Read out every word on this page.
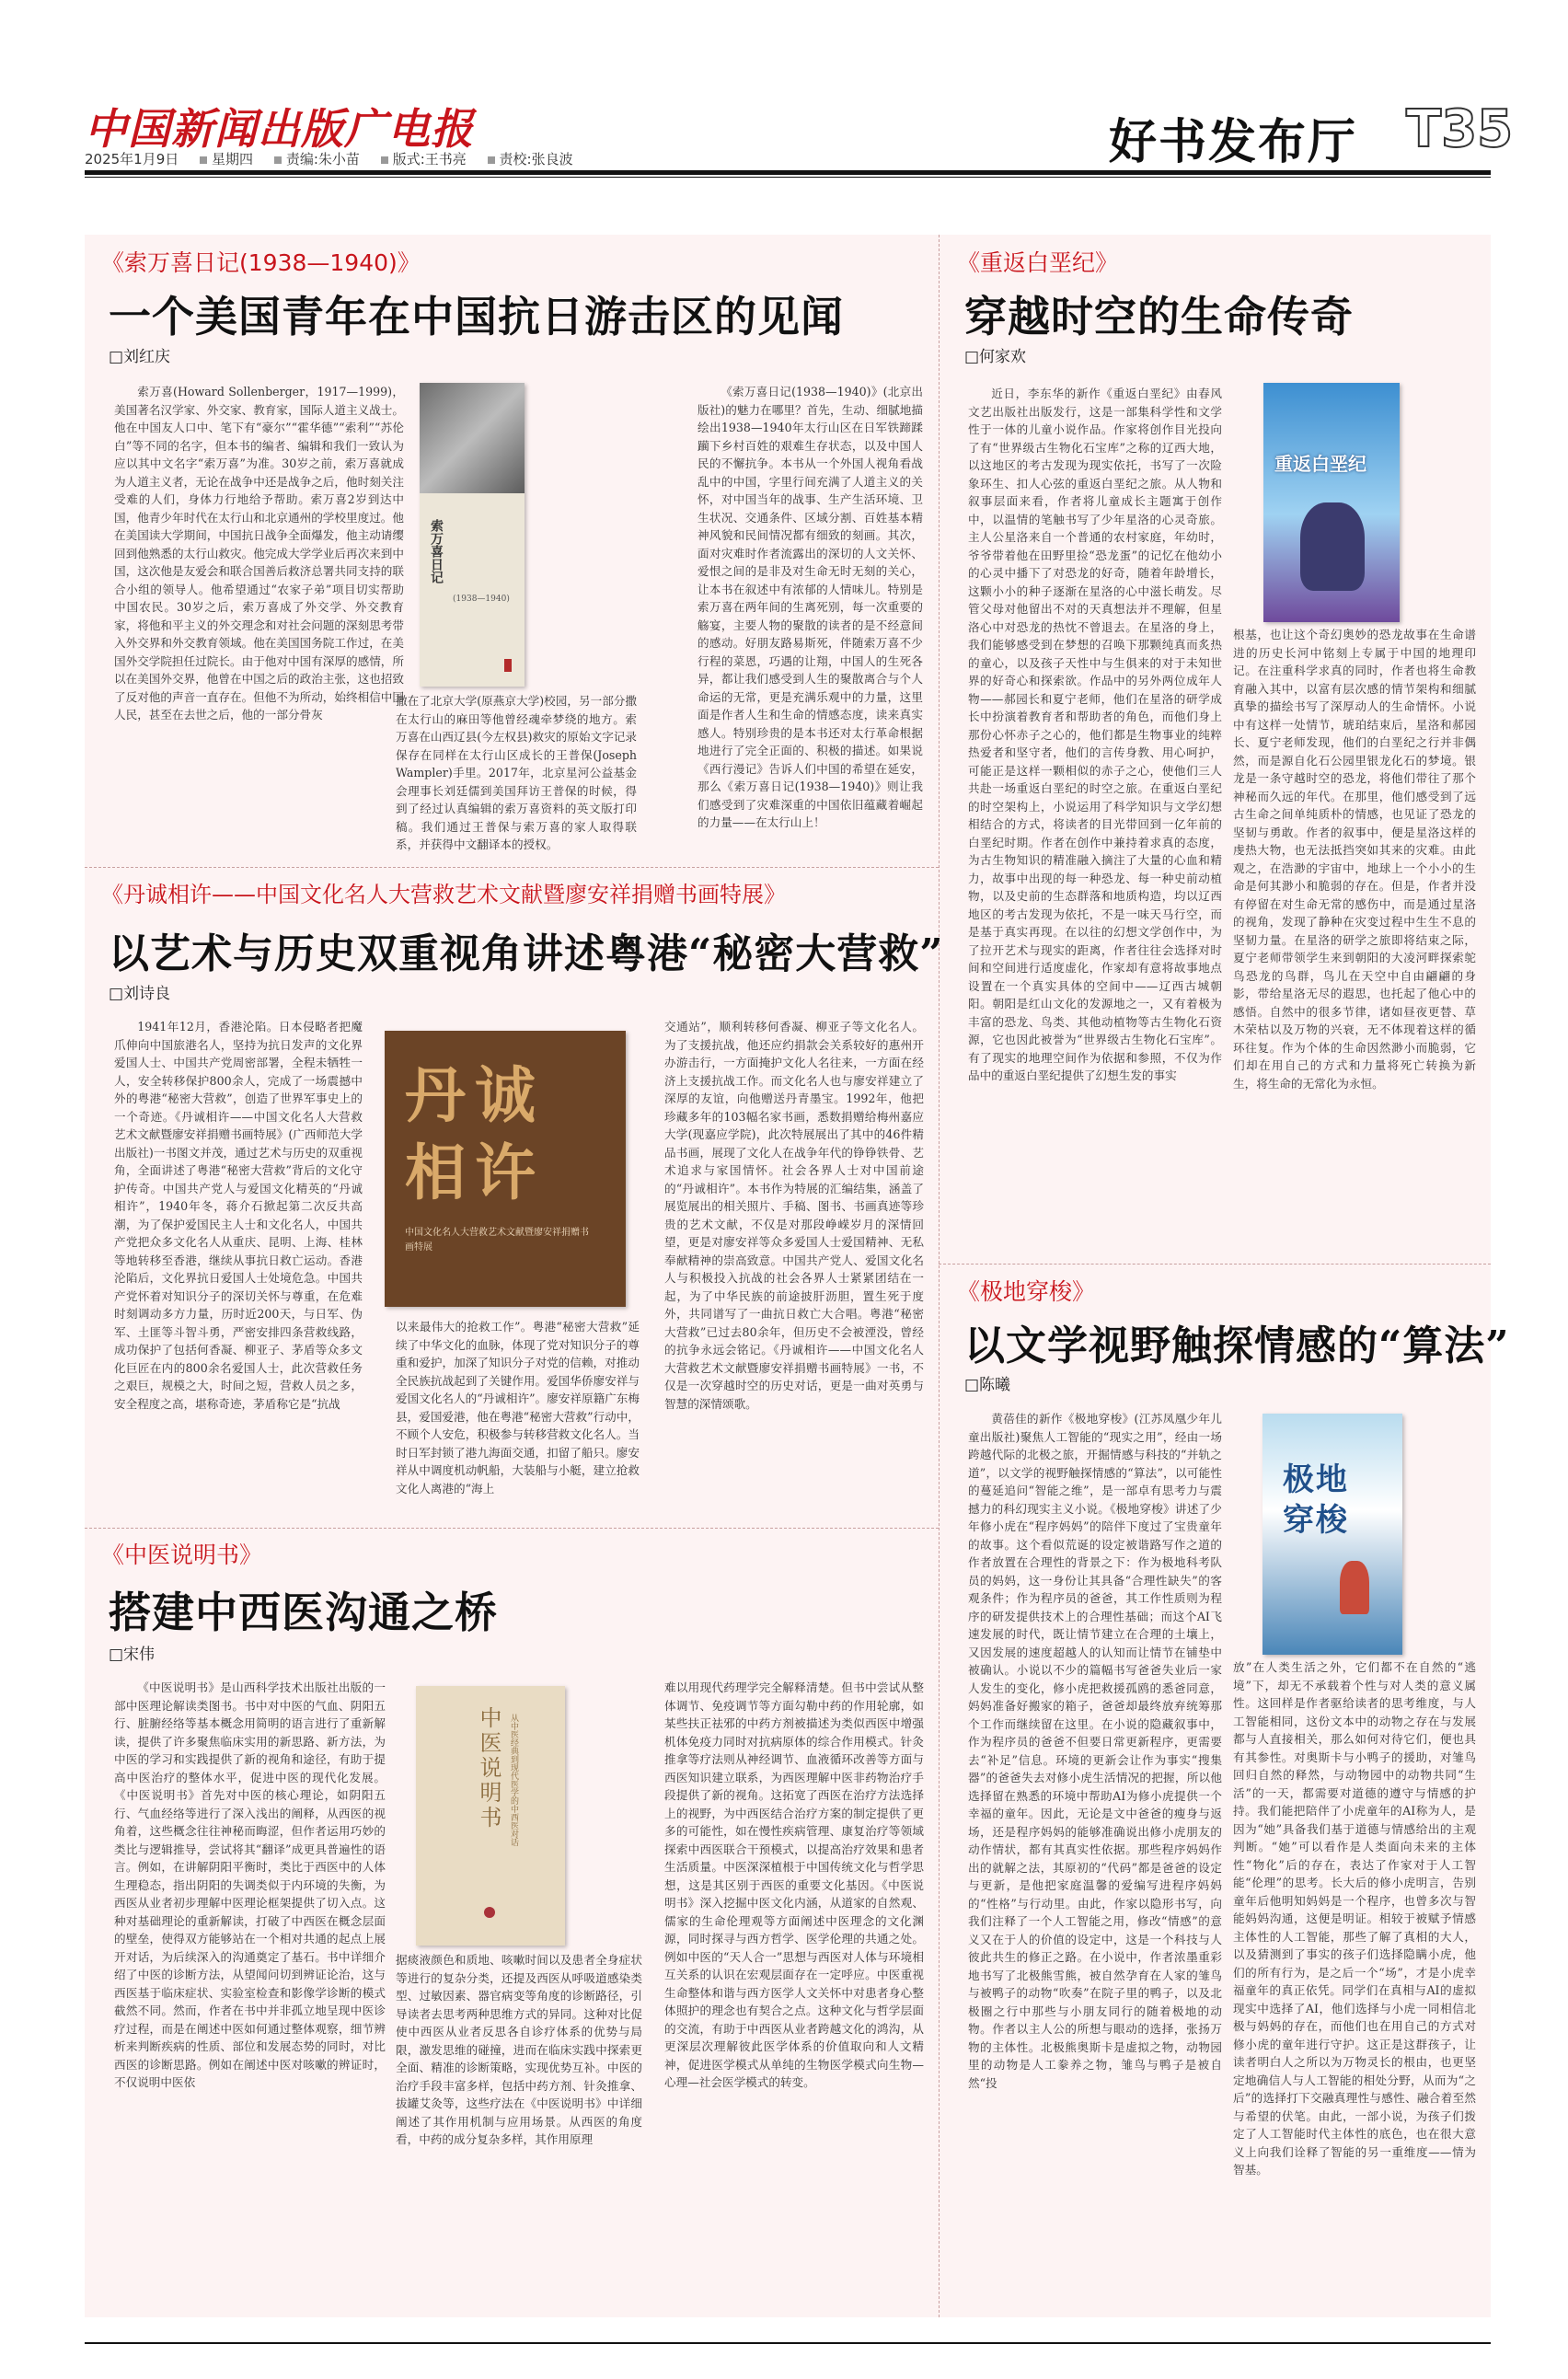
中国新闻出版广电报
2025年1月9日 星期四 责编:朱小苗 版式:王书亮 责校:张良波	好书发布厅 T35
《索万喜日记(1938—1940)》
一个美国青年在中国抗日游击区的见闻
□刘红庆
索万喜(Howard Sollenberger，1917—1999)，美国著名汉学家、外交家、教育家，国际人道主义战士。他在中国友人口中、笔下有“豪尔”“霍华德”“索利”“苏伦白”等不同的名字，但本书的编者、编辑和我们一致认为应以其中文名字“索万喜”为准。30岁之前，索万喜就成为人道主义者，无论在战争中还是战争之后，他时刻关注受难的人们，身体力行地给予帮助。索万喜2岁到达中国，他青少年时代在太行山和北京通州的学校里度过。他在美国读大学期间，中国抗日战争全面爆发，他主动请缨回到他熟悉的太行山救灾。他完成大学学业后再次来到中国，这次他是友爱会和联合国善后救济总署共同支持的联合小组的领导人。他希望通过“农家子弟”项目切实帮助中国农民。30岁之后，索万喜成了外交学、外交教育家，将他和平主义的外交理念和对社会问题的深刻思考带入外交界和外交教育领域。他在美国国务院工作过，在美国外交学院担任过院长。由于他对中国有深厚的感情，所以在美国外交界，他曾在中国之后的政治主张，这也招致了反对他的声音一直存在。但他不为所动，始终相信中国人民，甚至在去世之后，他的一部分骨灰
索万喜日记
(1938—1940)
撒在了北京大学(原燕京大学)校园，另一部分撒在太行山的麻田等他曾经魂牵梦绕的地方。索万喜在山西辽县(今左权县)救灾的原始文字记录保存在同样在太行山区成长的王普保(Joseph Wampler)手里。2017年，北京星河公益基金会理事长刘廷儒到美国拜访王普保的时候，得到了经过认真编辑的索万喜资料的英文版打印稿。我们通过王普保与索万喜的家人取得联系，并获得中文翻译本的授权。
《索万喜日记(1938—1940)》(北京出版社)的魅力在哪里？首先，生动、细腻地描绘出1938—1940年太行山区在日军铁蹄蹂躏下乡村百姓的艰难生存状态，以及中国人民的不懈抗争。本书从一个外国人视角看战乱中的中国，字里行间充满了人道主义的关怀，对中国当年的战事、生产生活环境、卫生状况、交通条件、区域分割、百姓基本精神风貌和民间情况都有细致的刻画。其次，面对灾难时作者流露出的深切的人文关怀、爱恨之间的是非及对生命无时无刻的关心，让本书在叙述中有浓郁的人情味儿。特别是索万喜在两年间的生离死别，每一次重要的觞宴，主要人物的聚散的读者的是不经意间的感动。好朋友路易斯死，伴随索万喜不少行程的菜恩，巧遇的让翔，中国人的生死各异，都让我们感受到人生的聚散离合与个人命运的无常，更是充满乐观中的力量，这里面是作者人生和生命的情感态度，读来真实感人。特别珍贵的是本书还对太行革命根据地进行了完全正面的、积极的描述。如果说《西行漫记》告诉人们中国的希望在延安，那么《索万喜日记(1938—1940)》则让我们感受到了灾难深重的中国依旧蕴藏着崛起的力量——在太行山上！
《丹诚相许——中国文化名人大营救艺术文献暨廖安祥捐赠书画特展》
以艺术与历史双重视角讲述粤港“秘密大营救”
□刘诗良
1941年12月，香港沦陷。日本侵略者把魔爪伸向中国旅港名人，坚持为抗日发声的文化界爱国人士、中国共产党周密部署，全程未牺牲一人，安全转移保护800余人，完成了一场震撼中外的粤港“秘密大营救”，创造了世界军事史上的一个奇迹。《丹诚相许——中国文化名人大营救艺术文献暨廖安祥捐赠书画特展》(广西师范大学出版社)一书图文并茂，通过艺术与历史的双重视角，全面讲述了粤港“秘密大营救”背后的文化守护传奇。中国共产党人与爱国文化精英的“丹诚相许”，1940年冬，蒋介石掀起第二次反共高潮，为了保护爱国民主人士和文化名人，中国共产党把众多文化名人从重庆、昆明、上海、桂林等地转移至香港，继续从事抗日救亡运动。香港沦陷后，文化界抗日爱国人士处境危急。中国共产党怀着对知识分子的深切关怀与尊重，在危难时刻调动多方力量，历时近200天，与日军、伪军、土匪等斗智斗勇，严密安排四条营救线路，成功保护了包括何香凝、柳亚子、茅盾等众多文化巨匠在内的800余名爱国人士，此次营救任务之艰巨，规模之大，时间之短，营救人员之多，安全程度之高，堪称奇迹，茅盾称它是“抗战
丹诚相许
中国文化名人大营救艺术文献暨廖安祥捐赠书画特展
以来最伟大的抢救工作”。粤港“秘密大营救”延续了中华文化的血脉，体现了党对知识分子的尊重和爱护，加深了知识分子对党的信赖，对推动全民族抗战起到了关键作用。爱国华侨廖安祥与爱国文化名人的“丹诚相许”。廖安祥原籍广东梅县，爱国爱港，他在粤港“秘密大营救”行动中，不顾个人安危，积极参与转移营救文化名人。当时日军封锁了港九海面交通，扣留了船只。廖安祥从中调度机动帆船，大装船与小艇，建立抢救文化人离港的“海上
交通站”，顺利转移何香凝、柳亚子等文化名人。为了支援抗战，他还应约捐款会关系较好的惠州开办游击行，一方面掩护文化人名往来，一方面在经济上支援抗战工作。而文化名人也与廖安祥建立了深厚的友谊，向他赠送丹青墨宝。1992年，他把珍藏多年的103幅名家书画，悉数捐赠给梅州嘉应大学(现嘉应学院)，此次特展展出了其中的46件精品书画，展现了文化人在战争年代的铮铮铁骨、艺术追求与家国情怀。社会各界人士对中国前途的“丹诚相许”。本书作为特展的汇编结集，涵盖了展览展出的相关照片、手稿、图书、书画真迹等珍贵的艺术文献，不仅是对那段峥嵘岁月的深情回望，更是对廖安祥等众多爱国人士爱国精神、无私奉献精神的崇高致意。中国共产党人、爱国文化名人与积极投入抗战的社会各界人士紧紧团结在一起，为了中华民族的前途披肝沥胆，置生死于度外，共同谱写了一曲抗日救亡大合唱。粤港“秘密大营救”已过去80余年，但历史不会被湮没，曾经的抗争永远会铭记。《丹诚相许——中国文化名人大营救艺术文献暨廖安祥捐赠书画特展》一书，不仅是一次穿越时空的历史对话，更是一曲对英勇与智慧的深情颂歌。
《中医说明书》
搭建中西医沟通之桥
□宋伟
《中医说明书》是山西科学技术出版社出版的一部中医理论解读类图书。书中对中医的气血、阴阳五行、脏腑经络等基本概念用简明的语言进行了重新解读，提供了许多聚焦临床实用的新思路、新方法，为中医的学习和实践提供了新的视角和途径，有助于提高中医治疗的整体水平，促进中医的现代化发展。《中医说明书》首先对中医的核心理论，如阴阳五行、气血经络等进行了深入浅出的阐释，从西医的视角着，这些概念往往神秘而晦涩，但作者运用巧妙的类比与逻辑推导，尝试将其“翻译”成更具普遍性的语言。例如，在讲解阴阳平衡时，类比于西医中的人体生理稳态，指出阴阳的失调类似于内环境的失衡，为西医从业者初步理解中医理论框架提供了切入点。这种对基础理论的重新解读，打破了中西医在概念层面的壁垒，使得双方能够站在一个相对共通的起点上展开对话，为后续深入的沟通奠定了基石。书中详细介绍了中医的诊断方法，从望闻问切到辨证论治，这与西医基于临床症状、实验室检查和影像学诊断的模式截然不同。然而，作者在书中并非孤立地呈现中医诊疗过程，而是在阐述中医如何通过整体观察，细节辨析来判断疾病的性质、部位和发展态势的同时，对比西医的诊断思路。例如在阐述中医对咳嗽的辨证时，不仅说明中医依
中医说明书 从中医经典到现代医学的中西医对话
据痰液颜色和质地、咳嗽时间以及患者全身症状等进行的复杂分类，还提及西医从呼吸道感染类型、过敏因素、器官病变等角度的诊断路径，引导读者去思考两种思维方式的异同。这种对比促使中西医从业者反思各自诊疗体系的优势与局限，激发思维的碰撞，进而在临床实践中探索更全面、精准的诊断策略，实现优势互补。中医的治疗手段丰富多样，包括中药方剂、针灸推拿、拔罐艾灸等，这些疗法在《中医说明书》中详细阐述了其作用机制与应用场景。从西医的角度看，中药的成分复杂多样，其作用原理
难以用现代药理学完全解释清楚。但书中尝试从整体调节、免疫调节等方面勾勒中药的作用轮廓，如某些扶正祛邪的中药方剂被描述为类似西医中增强机体免疫力同时对抗病原体的综合作用模式。针灸推拿等疗法则从神经调节、血液循环改善等方面与西医知识建立联系，为西医理解中医非药物治疗手段提供了新的视角。这拓宽了西医在治疗方法选择上的视野，为中西医结合治疗方案的制定提供了更多的可能性，如在慢性疾病管理、康复治疗等领域探索中西医联合干预模式，以提高治疗效果和患者生活质量。中医深深植根于中国传统文化与哲学思想，这是其区别于西医的重要文化基因。《中医说明书》深入挖掘中医文化内涵，从道家的自然观、儒家的生命伦理观等方面阐述中医理念的文化渊源，同时探寻与西方哲学、医学伦理的共通之处。例如中医的“天人合一”思想与西医对人体与环境相互关系的认识在宏观层面存在一定呼应。中医重视生命整体和谐与西方医学人文关怀中对患者身心整体照护的理念也有契合之点。这种文化与哲学层面的交流，有助于中西医从业者跨越文化的鸿沟，从更深层次理解彼此医学体系的价值取向和人文精神，促进医学模式从单纯的生物医学模式向生物—心理—社会医学模式的转变。
《重返白垩纪》
穿越时空的生命传奇
□何家欢
近日，李东华的新作《重返白垩纪》由春风文艺出版社出版发行，这是一部集科学性和文学性于一体的儿童小说作品。作家将创作目光投向了有“世界级古生物化石宝库”之称的辽西大地，以这地区的考古发现为现实依托，书写了一次险象环生、扣人心弦的重返白垩纪之旅。从人物和叙事层面来看，作者将儿童成长主题寓于创作中，以温情的笔触书写了少年星洛的心灵奇旅。主人公星洛来自一个普通的农村家庭，年幼时，爷爷带着他在田野里捡“恐龙蛋”的记忆在他幼小的心灵中播下了对恐龙的好奇，随着年龄增长，这颗小小的种子逐渐在星洛的心中滋长萌发。尽管父母对他留出不对的天真想法并不理解，但星洛心中对恐龙的热忱不曾退去。在星洛的身上，我们能够感受到在梦想的召唤下那颗纯真而炙热的童心，以及孩子天性中与生俱来的对于未知世界的好奇心和探索欲。作品中的另外两位成年人物——郝园长和夏宁老师，他们在星洛的研学成长中扮演着教育者和帮助者的角色，而他们身上那份心怀赤子之心的，他们都是生物事业的纯粹热爱者和坚守者，他们的言传身教、用心呵护，可能正是这样一颗相似的赤子之心，使他们三人共赴一场重返白垩纪的时空之旅。在重返白垩纪的时空架构上，小说运用了科学知识与文学幻想相结合的方式，将读者的目光带回到一亿年前的白垩纪时期。作者在创作中兼持着求真的态度，为古生物知识的精准融入摘注了大量的心血和精力，故事中出现的每一种恐龙、每一种史前动植物，以及史前的生态群落和地质构造，均以辽西地区的考古发现为依托，不是一味天马行空，而是基于真实再现。在以往的幻想文学创作中，为了拉开艺术与现实的距离，作者往往会选择对时间和空间进行适度虚化，作家却有意将故事地点设置在一个真实具体的空间中——辽西古城朝阳。朝阳是红山文化的发源地之一，又有着极为丰富的恐龙、鸟类、其他动植物等古生物化石资源，它也因此被誉为“世界级古生物化石宝库”。有了现实的地理空间作为依据和参照，不仅为作品中的重返白垩纪提供了幻想生发的事实
重返白垩纪
根基，也让这个奇幻奥妙的恐龙故事在生命谱进的历史长河中铭刻上专属于中国的地理印记。在注重科学求真的同时，作者也将生命教育融入其中，以富有层次感的情节架构和细腻真挚的描绘书写了深厚动人的生命情怀。小说中有这样一处情节，琥珀结束后，星洛和郝园长、夏宁老师发现，他们的白垩纪之行并非偶然，而是源自化石公园里银龙化石的梦境。银龙是一条守越时空的恐龙，将他们带往了那个神秘而久远的年代。在那里，他们感受到了远古生命之间单纯质朴的情感，也见证了恐龙的坚韧与勇敢。作者的叙事中，便是星洛这样的虔热大物，也无法抵挡突如其来的灾难。由此观之，在浩渺的宇宙中，地球上一个小小的生命是何其渺小和脆弱的存在。但是，作者并没有停留在对生命无常的感伤中，而是通过星洛的视角，发现了静种在灾变过程中生生不息的坚韧力量。在星洛的研学之旅即将结束之际，夏宁老师带领学生来到朝阳的大凌河畔探索鸵鸟恐龙的鸟群，鸟儿在天空中自由翩翩的身影，带给星洛无尽的遐思，也托起了他心中的感悟。自然中的很多节律，诸如昼夜更替、草木荣枯以及万物的兴衰，无不体现着这样的循环往复。作为个体的生命因然渺小而脆弱，它们却在用自己的方式和力量将死亡转换为新生，将生命的无常化为永恒。
《极地穿梭》
以文学视野触探情感的“算法”
□陈曦
黄蓓佳的新作《极地穿梭》(江苏凤凰少年儿童出版社)聚焦人工智能的“现实之用”，经由一场跨越代际的北极之旅，开掘情感与科技的“并轨之道”，以文学的视野触探情感的“算法”，以可能性的蔓延追问“智能之维”，是一部卓有思考力与震撼力的科幻现实主义小说。《极地穿梭》讲述了少年修小虎在“程序妈妈”的陪伴下度过了宝贵童年的故事。这个看似荒诞的设定被谐路写作之道的作者放置在合理性的背景之下：作为极地科考队员的妈妈，这一身份让其具备“合理性缺失”的客观条件；作为程序员的爸爸，其工作性质则为程序的研发提供技术上的合理性基础；而这个AI飞速发展的时代，既让情节建立在合理的土壤上，又因发展的速度超越人的认知而让情节在铺垫中被确认。小说以不少的篇幅书写爸爸失业后一家人发生的变化，修小虎把救援孤鸥的悉爸同意，妈妈准备好搬家的箱子，爸爸却最终放弃统筹那个工作而继续留在这里。在小说的隐藏叙事中，作为程序员的爸爸不但要日常更新程序，更需要去“补足”信息。环境的更新会让作为事实“搜集器”的爸爸失去对修小虎生活情况的把握，所以他选择留在熟悉的环境中帮助AI为修小虎提供一个幸福的童年。因此，无论是文中爸爸的瘦身与返场，还是程序妈妈的能够准确说出修小虎朋友的动作情状，都有其真实性依据。那些程序妈妈作出的就解之法，其原初的“代码”都是爸爸的设定与更新，是他把家庭温馨的爱编写进程序妈妈的“性格”与行动里。由此，作家以隐形书写，向我们注释了一个人工智能之用，修改“情感”的意义又在于人的价值的设定中，这是一个科技与人彼此共生的修正之路。在小说中，作者浓墨重彩地书写了北极熊雪熊，被自然孕育在人家的雏鸟与被鸭子的动物“吹奏”在院子里的鸭子，以及北极圈之行中那些与小朋友同行的随着极地的动物。作者以主人公的所想与眼动的选择，张扬万物的主体性。北极熊奥斯卡是虚拟之物，动物园里的动物是人工豢养之物，雏鸟与鸭子是被自然“投
极地穿梭
放”在人类生活之外，它们都不在自然的“逃境”下，却无不承载着个性与对人类的意义属性。这回样是作者驱给读者的思考维度，与人工智能相同，这份文本中的动物之存在与发展都与人直接相关，那么如何对待它们，便也具有其参性。对奥斯卡与小鸭子的援助，对雏鸟回归自然的释然，与动物园中的动物共同“生活”的一天，都需要对道德的遵守与情感的护持。我们能把陪伴了小虎童年的AI称为人，是因为“她”具备我们基于道德与情感给出的主观判断。“她”可以看作是人类面向未来的主体性“物化”后的存在，表达了作家对于人工智能“伦理”的思考。长大后的修小虎明言，告别童年后他明知妈妈是一个程序，也曾多次与智能妈妈沟通，这便是明证。相较于被赋予情感主体性的人工智能，那些了解了真相的大人，以及猜测到了事实的孩子们选择隐瞒小虎，他们的所有行为，是之后一个“场”，才是小虎幸福童年的真正依凭。同学们在真相与AI的虚拟现实中选择了AI，他们选择与小虎一同相信北极与妈妈的存在，而他们也在用自己的方式对修小虎的童年进行守护。这正是这群孩子，让读者明白人之所以为万物灵长的根由，也更坚定地确信人与人工智能的相处分野，从而为“之后”的选择打下交融真理性与感性、融合着至然与希望的伏笔。由此，一部小说，为孩子们拨定了人工智能时代主体性的底色，也在很大意义上向我们诠释了智能的另一重维度——情为智基。
